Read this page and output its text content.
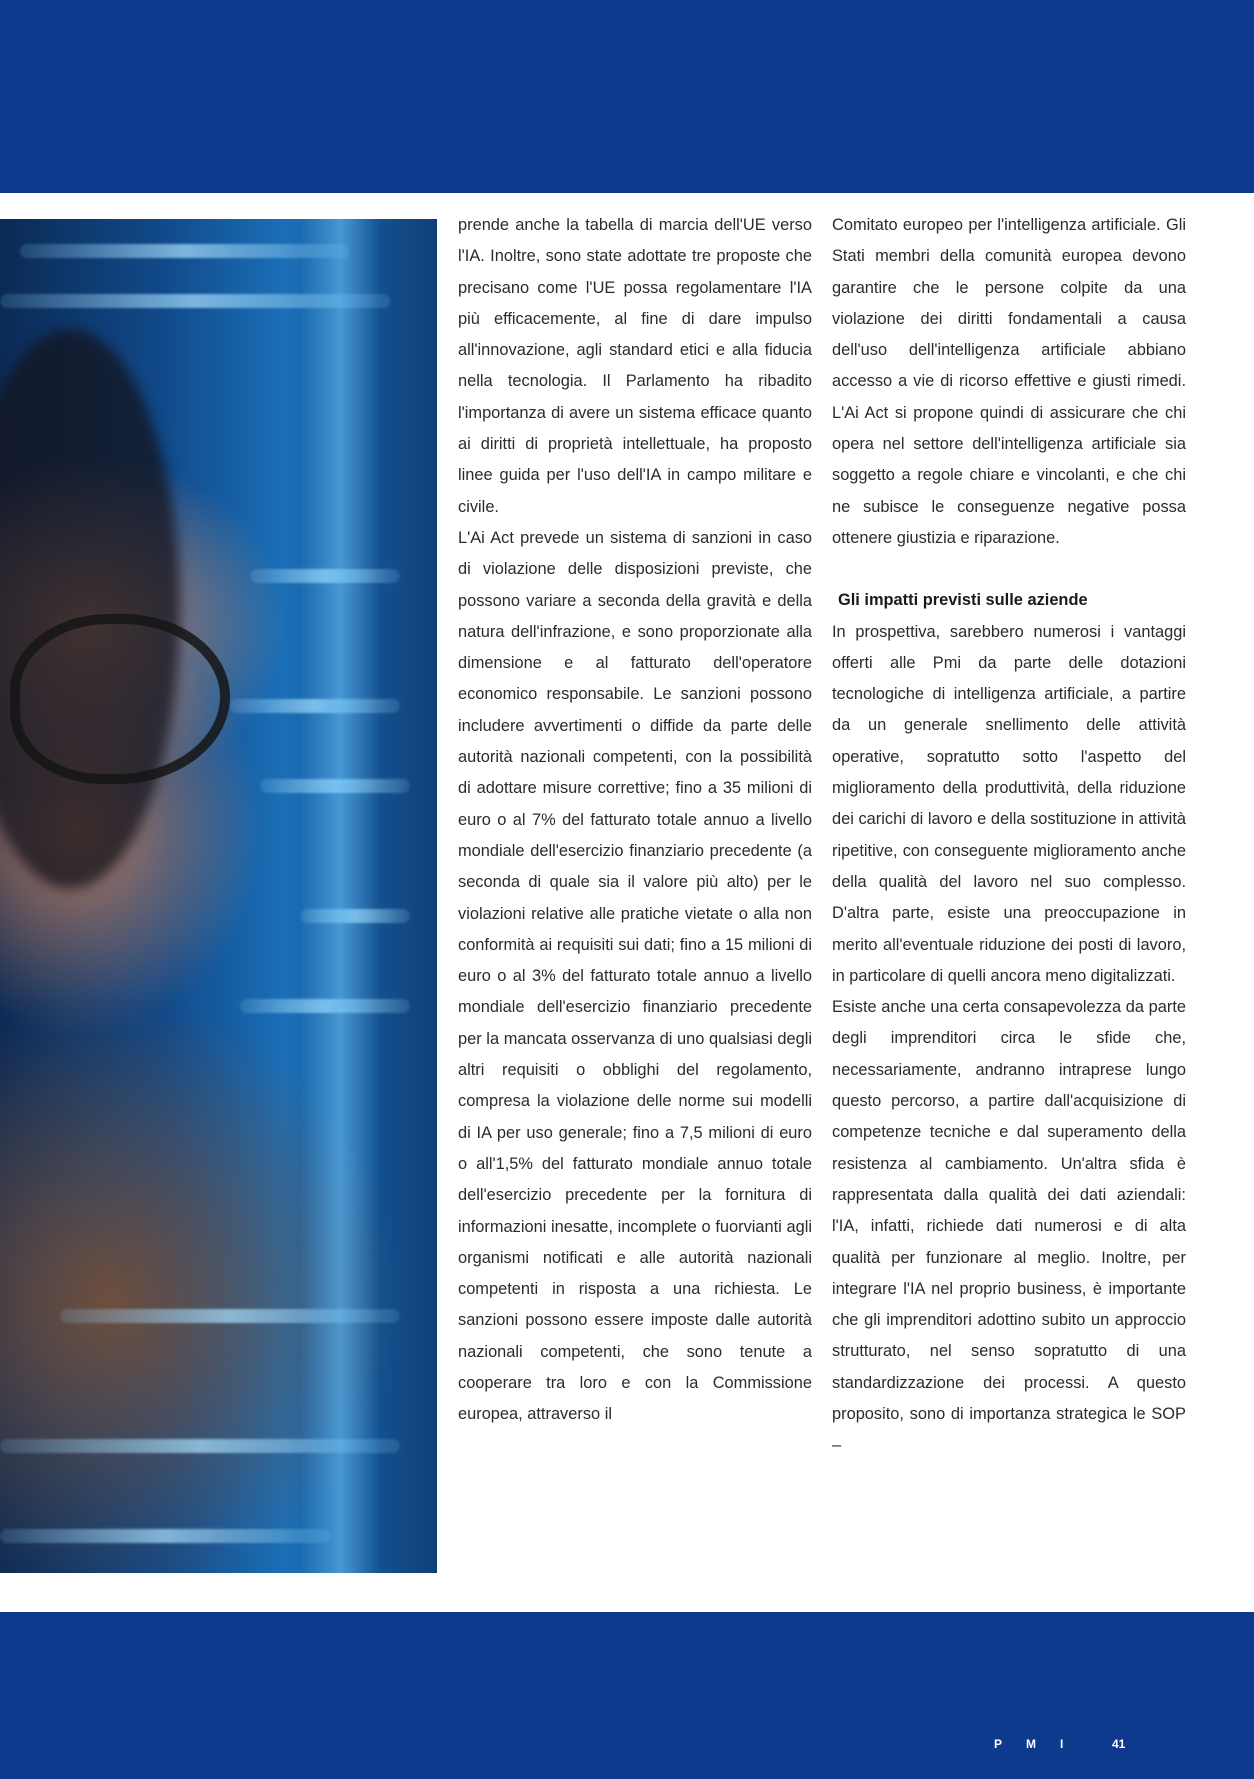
prende anche la tabella di marcia dell'UE verso l'IA. Inoltre, sono state adottate tre proposte che precisano come l'UE possa regolamentare l'IA più efficacemente, al fine di dare impulso all'innovazione, agli standard etici e alla fiducia nella tecnologia. Il Parlamento ha ribadito l'importanza di avere un sistema efficace quanto ai diritti di proprietà intellettuale, ha proposto linee guida per l'uso dell'IA in campo militare e civile.

L'Ai Act prevede un sistema di sanzioni in caso di violazione delle disposizioni previste, che possono variare a seconda della gravità e della natura dell'infrazione, e sono proporzionate alla dimensione e al fatturato dell'operatore economico responsabile. Le sanzioni possono includere avvertimenti o diffide da parte delle autorità nazionali competenti, con la possibilità di adottare misure correttive; fino a 35 milioni di euro o al 7% del fatturato totale annuo a livello mondiale dell'esercizio finanziario precedente (a seconda di quale sia il valore più alto) per le violazioni relative alle pratiche vietate o alla non conformità ai requisiti sui dati; fino a 15 milioni di euro o al 3% del fatturato totale annuo a livello mondiale dell'esercizio finanziario precedente per la mancata osservanza di uno qualsiasi degli altri requisiti o obblighi del regolamento, compresa la violazione delle norme sui modelli di IA per uso generale; fino a 7,5 milioni di euro o all'1,5% del fatturato mondiale annuo totale dell'esercizio precedente per la fornitura di informazioni inesatte, incomplete o fuorvianti agli organismi notificati e alle autorità nazionali competenti in risposta a una richiesta. Le sanzioni possono essere imposte dalle autorità nazionali competenti, che sono tenute a cooperare tra loro e con la Commissione europea, attraverso il

Comitato europeo per l'intelligenza artificiale. Gli Stati membri della comunità europea devono garantire che le persone colpite da una violazione dei diritti fondamentali a causa dell'uso dell'intelligenza artificiale abbiano accesso a vie di ricorso effettive e giusti rimedi. L'Ai Act si propone quindi di assicurare che chi opera nel settore dell'intelligenza artificiale sia soggetto a regole chiare e vincolanti, e che chi ne subisce le conseguenze negative possa ottenere giustizia e riparazione.

Gli impatti previsti sulle aziende

In prospettiva, sarebbero numerosi i vantaggi offerti alle Pmi da parte delle dotazioni tecnologiche di intelligenza artificiale, a partire da un generale snellimento delle attività operative, sopratutto sotto l'aspetto del miglioramento della produttività, della riduzione dei carichi di lavoro e della sostituzione in attività ripetitive, con conseguente miglioramento anche della qualità del lavoro nel suo complesso. D'altra parte, esiste una preoccupazione in merito all'eventuale riduzione dei posti di lavoro, in particolare di quelli ancora meno digitalizzati.

Esiste anche una certa consapevolezza da parte degli imprenditori circa le sfide che, necessariamente, andranno intraprese lungo questo percorso, a partire dall'acquisizione di competenze tecniche e dal superamento della resistenza al cambiamento. Un'altra sfida è rappresentata dalla qualità dei dati aziendali: l'IA, infatti, richiede dati numerosi e di alta qualità per funzionare al meglio. Inoltre, per integrare l'IA nel proprio business, è importante che gli imprenditori adottino subito un approccio strutturato, nel senso sopratutto di una standardizzazione dei processi. A questo proposito, sono di importanza strategica le SOP –

PMI 41
